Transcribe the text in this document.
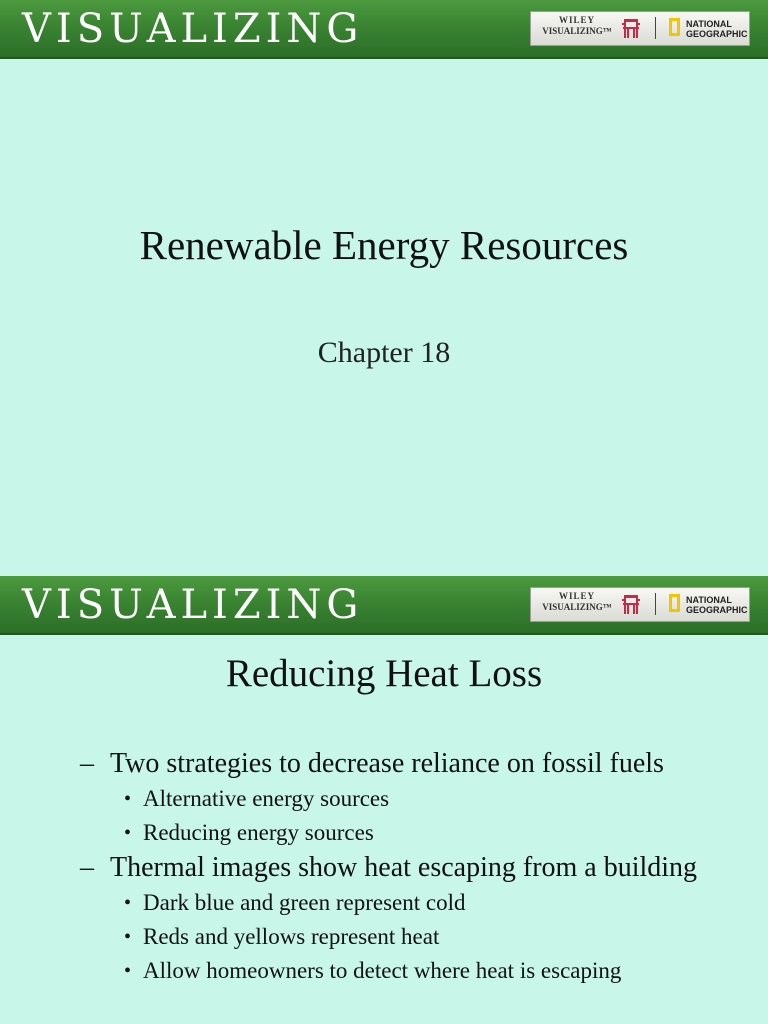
VISUALIZING	WILEY
VISUALIZING™
NATIONAL
GEOGRAPHIC
Renewable Energy Resources
Chapter 18
VISUALIZING	WILEY
VISUALIZING™
NATIONAL
GEOGRAPHIC
Reducing Heat Loss
– Two strategies to decrease reliance on fossil fuels
• Alternative energy sources
• Reducing energy sources
– Thermal images show heat escaping from a building
• Dark blue and green represent cold
• Reds and yellows represent heat
• Allow homeowners to detect where heat is escaping
